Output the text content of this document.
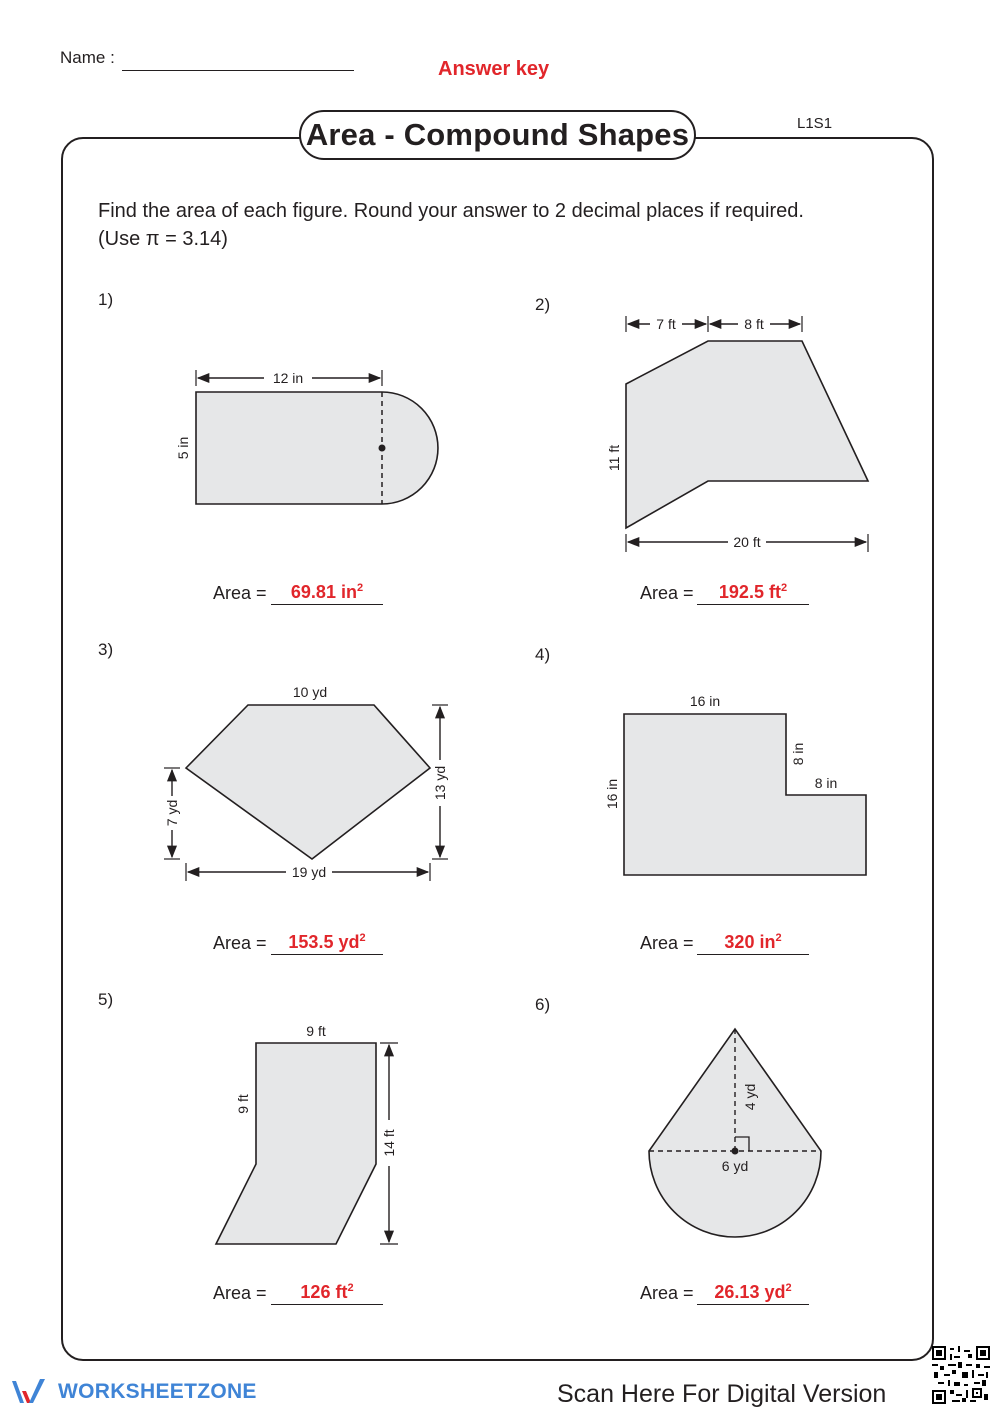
Name :
Answer key
L1S1
Area - Compound Shapes
Find the area of each figure. Round your answer to 2 decimal places if required.
(Use π = 3.14)
1)	2)
3)	4)
5)	6)
12 in
5 in
7 ft	8 ft
11 ft
20 ft
10 yd
7 yd
13 yd
19 yd
16 in
16 in
8 in
8 in
9 ft
9 ft
14 ft
4 yd
6 yd
Area =	69.81 $in^2$	Area =	192.5 $ft^2$
Area =	153.5 $yd^2$	Area =	320 $in^2$
Area =	126 $ft^2$	Area =	26.13 $yd^2$
WORKSHEETZONE	Scan Here For Digital Version
